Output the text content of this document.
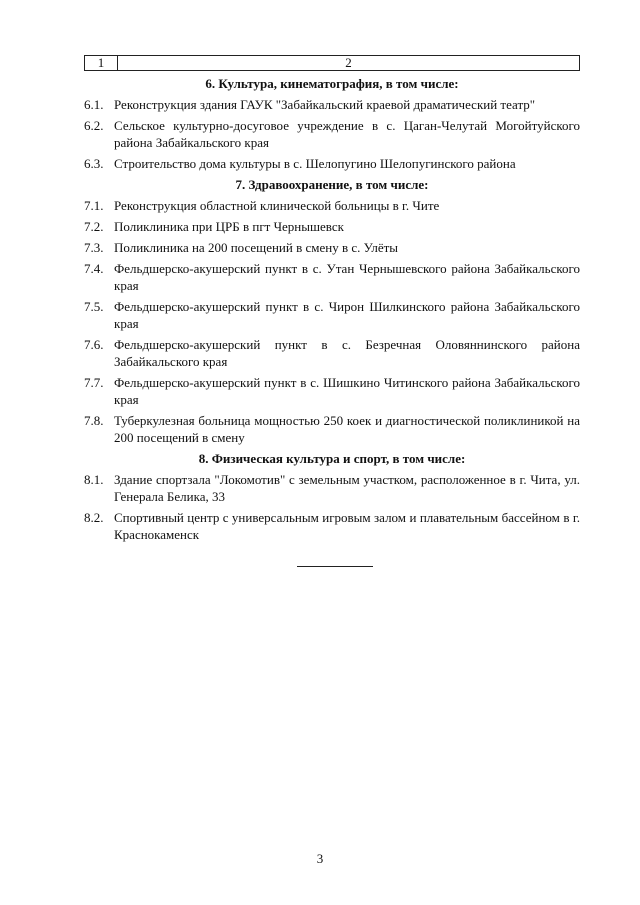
1	2
6. Культура, кинематография, в том числе:
6.1. Реконструкция здания ГАУК "Забайкальский краевой драматический театр"
6.2. Сельское культурно-досуговое учреждение в с. Цаган-Челутай Могойтуйского района Забайкальского края
6.3. Строительство дома культуры в с. Шелопугино Шелопугинского района
7. Здравоохранение, в том числе:
7.1. Реконструкция областной клинической больницы в г. Чите
7.2. Поликлиника при ЦРБ в пгт Чернышевск
7.3. Поликлиника на 200 посещений в смену в с. Улёты
7.4. Фельдшерско-акушерский пункт в с. Утан Чернышевского района Забайкальского края
7.5. Фельдшерско-акушерский пункт в с. Чирон Шилкинского района Забайкальского края
7.6. Фельдшерско-акушерский пункт в с. Безречная Оловяннинского района Забайкальского края
7.7. Фельдшерско-акушерский пункт в с. Шишкино Читинского района Забайкальского края
7.8. Туберкулезная больница мощностью 250 коек и диагностической поликлиникой на 200 посещений в смену
8. Физическая культура и спорт, в том числе:
8.1. Здание спортзала "Локомотив" с земельным участком, расположенное в г. Чита, ул. Генерала Белика, 33
8.2. Спортивный центр с универсальным игровым залом и плавательным бассейном в г. Краснокаменск
3
